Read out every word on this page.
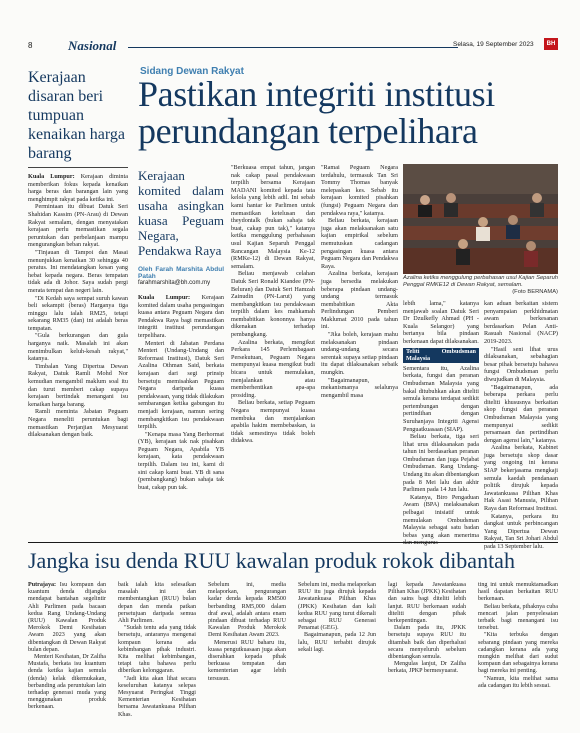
8	Nasional	Selasa, 19 September 2023	BH
Kerajaan disaran beri tumpuan kenaikan harga barang

Kuala Lumpur: Kerajaan diminta memberikan fokus kepada kenaikan harga beras dan barangan lain yang menghimpit rakyat pada ketika ini.

Permintaan itu dibuat Datuk Seri Shahidan Kassim (PN-Arau) di Dewan Rakyat semalam, dengan menyatakan kerajaan perlu memastikan segala peruntukan dan perbelanjaan mampu mengurangkan beban rakyat.

"Tinjauan di Tampoi dan Masai menunjukkan kenaikan 30 sehingga 40 peratus. Ini mendatangkan kesan yang hebat kepada negara. Beras tempatan tidak ada di Johor. Saya sudah pergi merata tempat dan negeri lain.

"Di Kedah saya sempat suruh kawan beli sekampit (beras) Harganya tiga minggu lalu ialah RM25, tetapi sekarang RM35 (dan) ini adalah beras tempatan.

"Gula berkurangan dan gula harganya naik. Masalah ini akan menimbulkan keluh-kesah rakyat," katanya.

Timbalan Yang Dipertua Dewan Rakyat, Datuk Ramli Mohd Nor kemudian mengambil maklum soal itu dan turut memberi cakap supaya kerajaan bertindak menangani isu kenaikan harga barang.

Ramli meminta Jabatan Peguam Negara meneliti peruntukan bagi memastikan Perjanjian Mesyuarat dilaksanakan dengan baik.

Sidang Dewan Rakyat
Pastikan integriti institusi perundangan terpelihara
Kerajaan komited dalam usaha asingkan kuasa Peguam Negara, Pendakwa Raya
Oleh Farah Marshita Abdul Patah
farahmarshita@bh.com.my

Kuala Lumpur: Kerajaan komited dalam usaha pengasingan kuasa antara Peguam Negara dan Pendakwa Raya bagi memastikan integriti institusi perundangan terpelihara.

Menteri di Jabatan Perdana Menteri (Undang-Undang dan Reformasi Institusi), Datuk Seri Azalina Othman Said, berkata kerajaan dari segi prinsip bersetuju memisahkan Peguam Negara daripada kuasa pendakwaan, yang tidak dilakukan sembarangan ketika gabungan itu menjadi kerajaan, namun sering membangkitkan isu pendakwaan terpilih.

"Kenapa masa Yang Berhormat (YB), kerajaan tak nak pisahkan Peguam Negara, Apabila YB kerajaan, kata pendakwaan terpilih. Dalam isu ini, kami di sini cakap kami buat. YB di sana (pembangkang) bukan sahaja tak buat, cakap pun tak.

"Berkuasa empat tahun, jangan nak cakap pasal pendakwaan terpilih bersama Kerajaan MADANI komited kepada tata kelola yang lebih adil. Ini sebab kami hantar ke Parlimen untuk memastikan ketelusan dan theydontalk (bukan sahaja tak buat, cakap pun tak)," katanya ketika menggulung perbahasan usul Kajian Separuh Penggal Rancangan Malaysia Ke-12 (RMKe-12) di Dewan Rakyat, semalam.

Beliau menjawab celahan Datuk Seri Ronald Kiandee (PN-Beluran) dan Datuk Seri Hamzah Zainudin (PN-Larut) yang membangkitkan isu pendakwaan terpilih dalam kes mahkamah membabitkan kononnya hanya dikenakan terhadap pembangkang.

Azalina berkata, mengikut Perkara 145 Perlembagaan Persekutuan, Peguam Negara mempunyai kuasa mengikut budi bicara untuk memulakan, menjalankan atau memberhentikan apa-apa prosiding.

Beliau berkata, setiap Peguam Negara mempunyai kuasa membuka dan menjalankan apabila hakim membebaskan, ia tidak semestinya tidak boleh didakwa.

"Ramai Peguam Negara terdahulu, termasuk Tan Sri Tommy Thomas banyak melepaskan kes. Sebab itu kerajaan komited pisahkan (fungsi) Peguam Negara dan pendakwa raya," katanya.

Beliau berkata, kerajaan juga akan melaksanakan satu kajian empirikal sebelum memutuskan cadangan pengasingan kuasa antara Peguam Negara dan Pendakwa Raya.

Azalina berkata, kerajaan juga bersedia melakukan beberapa pindaan undang-undang termasuk membabitkan Akta Perlindungan Pemberi Maklumat 2010 pada tahun ini.

"Jika boleh, kerajaan mahu melaksanakan pindaan undang-undang secara serentak supaya setiap pindaan itu dapat dilaksanakan sebaik mungkin.

"Bagaimanapun, mekanismanya selalunya mengambil masa

Azalina ketika menggulung perbahasan usul Kajian Separuh Penggal RMKE12 di Dewan Rakyat, semalam.
(Foto BERNAMA)

lebih lama," katanya menjawab soalan Datuk Seri Dr Dzulkefly Ahmad (PH - Kuala Selangor) yang bertanya bila pindaan berkenaan dapat dilaksanakan.

Teliti Ombudsman Malaysia

Sementara itu, Azalina berkata, fungsi dan peranan Ombudsman Malaysia yang bakal ditubuhkan akan diteliti semula kerana terdapat sedikit pertembungan dengan pertindihan dengan Suruhanjaya Integriti Agensi Penguatkuasaan (SIAP).

Beliau berkata, tiga seri lihat urus dilaksanakan pada tahun ini berdasarkan peranan Ombudsman dan juga Pejabat Ombudsman. Rang Undang-Undang itu akan dibentangkan pada 8 Mei lalu dan akhir Parlimen pada 14 Jun lalu.

Katanya, Biro Pengaduan Awam (BPA) melaksanakan pelbagai inisiatif untuk memulakan Ombudsman Malaysia sebagai satu badan bebas yang akan menerima

kan aduan berkaitan sistem penyampaian perkhidmatan awam berkesanan berdasarkan Pelan Anti-Rasuah Nasional (NACP) 2019-2023.

"Hasil seni lihat urus dilaksanakan, sebahagian besar pihak bersetuju bahawa fungsi Ombudsman perlu diwujudkan di Malaysia.

"Bagaimanapun, ada beberapa perkara perlu diteliti khususnya berkaitan skop fungsi dan peranan Ombudsman Malaysia yang mempunyai sedikit persamaan dan pertindihan dengan agensi lain," katanya.

Azalina berkata, Kabinet juga bersetuju skop dasar yang ongoing ini kerana SIAP bekerjasama mengkaji semula kaedah pendanaan politik dirujuk kepada Jawatankuasa Pilihan Khas Hak Asasi Manusia, Pilihan Raya dan Reformasi Institusi.

Katanya, perkara itu dangkat untuk perbincangan Yang Dipertua Dewan Rakyat, Tan Sri Johari Abdul pada 13 September lalu.

Jangka isu denda RUU kawalan produk rokok dibantah

Putrajaya: Isu kompaun dan kuantum denda dijangka mendapat bantahan segelintir Ahli Parlimen pada bacaan kedua Rang Undang-Undang (RUU) Kawalan Produk Merokok Demi Kesihatan Awam 2023 yang akan dibentangkan di Dewan Rakyat bulan depan.

Menteri Kesihatan, Dr Zaliha Mustafa, berkata isu kuantum denda ketika kajian semula (denda) kelak dikemukakan, berbanding ada peruntukan lain terhadap generasi muda yang menggunakan produk berkenaan.

baik ialah kita selesaikan masalah ini dan membentangkan (RUU) bulan depan dan menda patkan persetujuan daripada semua Ahli Parlimen.

"Sudah tentu ada yang tidak bersetuju, antaranya mengenai kompaun kerana ada kebimbangan pihak industri. Kita melihat kebimbangan, tetapi tahu bahawa perlu diberikan kelonggaran.

"Jadi kita akan lihat secara keseluruhan katanya selepas Mesyuarat Peringkat Tinggi Kementerian Kesihatan bersama Jawatankuasa Pilihan Khas.

Sebelum ini, media melaporkan, pengurangan kadar denda kepada RM500 berbanding RM5,000 dalam draf awal, adalah antara enam pindaan dibuat terhadap RUU Kawalan Produk Merokok Demi Kesihatan Awam 2023.

Menerusi RUU baharu itu, kuasa pengutkuasaan juga akan diserahkan kepada pihak berkuasa tempatan dan kementerian agar lebih tersusun.

Sebelum ini, media melaporkan RUU itu juga dirujuk kepada Jawatankuasa Pilihan Khas (JPKK) Kesihatan dan kali kedua RUU yang turut dikenali sebagai RUU Generasi Penamat (GEG).

Bagaimanapun, pada 12 Jun lalu, RUU terbabit dirujuk sekali lagi.

lagi kepada Jawatankuasa Pilihan Khas (JPKK) Kesihatan dan sains bagi diteliti lebih lanjut. RUU berkenaan sudah diteliti dengan pihak berkepentingan.

Dalam pada itu, JPKK bersetuju supaya RUU itu ditambah baik dan diperhalusi secara menyeluruh sebelum dibentangkan semula.

Mengulas lanjut, Dr Zaliha berkata, JPKP bermesyuarat.

ting ini untuk memuktamadkan hasil dapatan berkaitan RUU berkenaan.

Beliau berkata, pihaknya cuba mencari jalan penyelesaian terbaik bagi menangani isu tersebut.

"Kita terbuka dengan sebarang pindaan yang mereka cadangkan kerana ada yang mungkin melihat dari sudut kompaun dan sebagainya kerana bagi mereka ini penting.

"Namun, kita melihat sama ada cadangan itu lebih sesuai.
